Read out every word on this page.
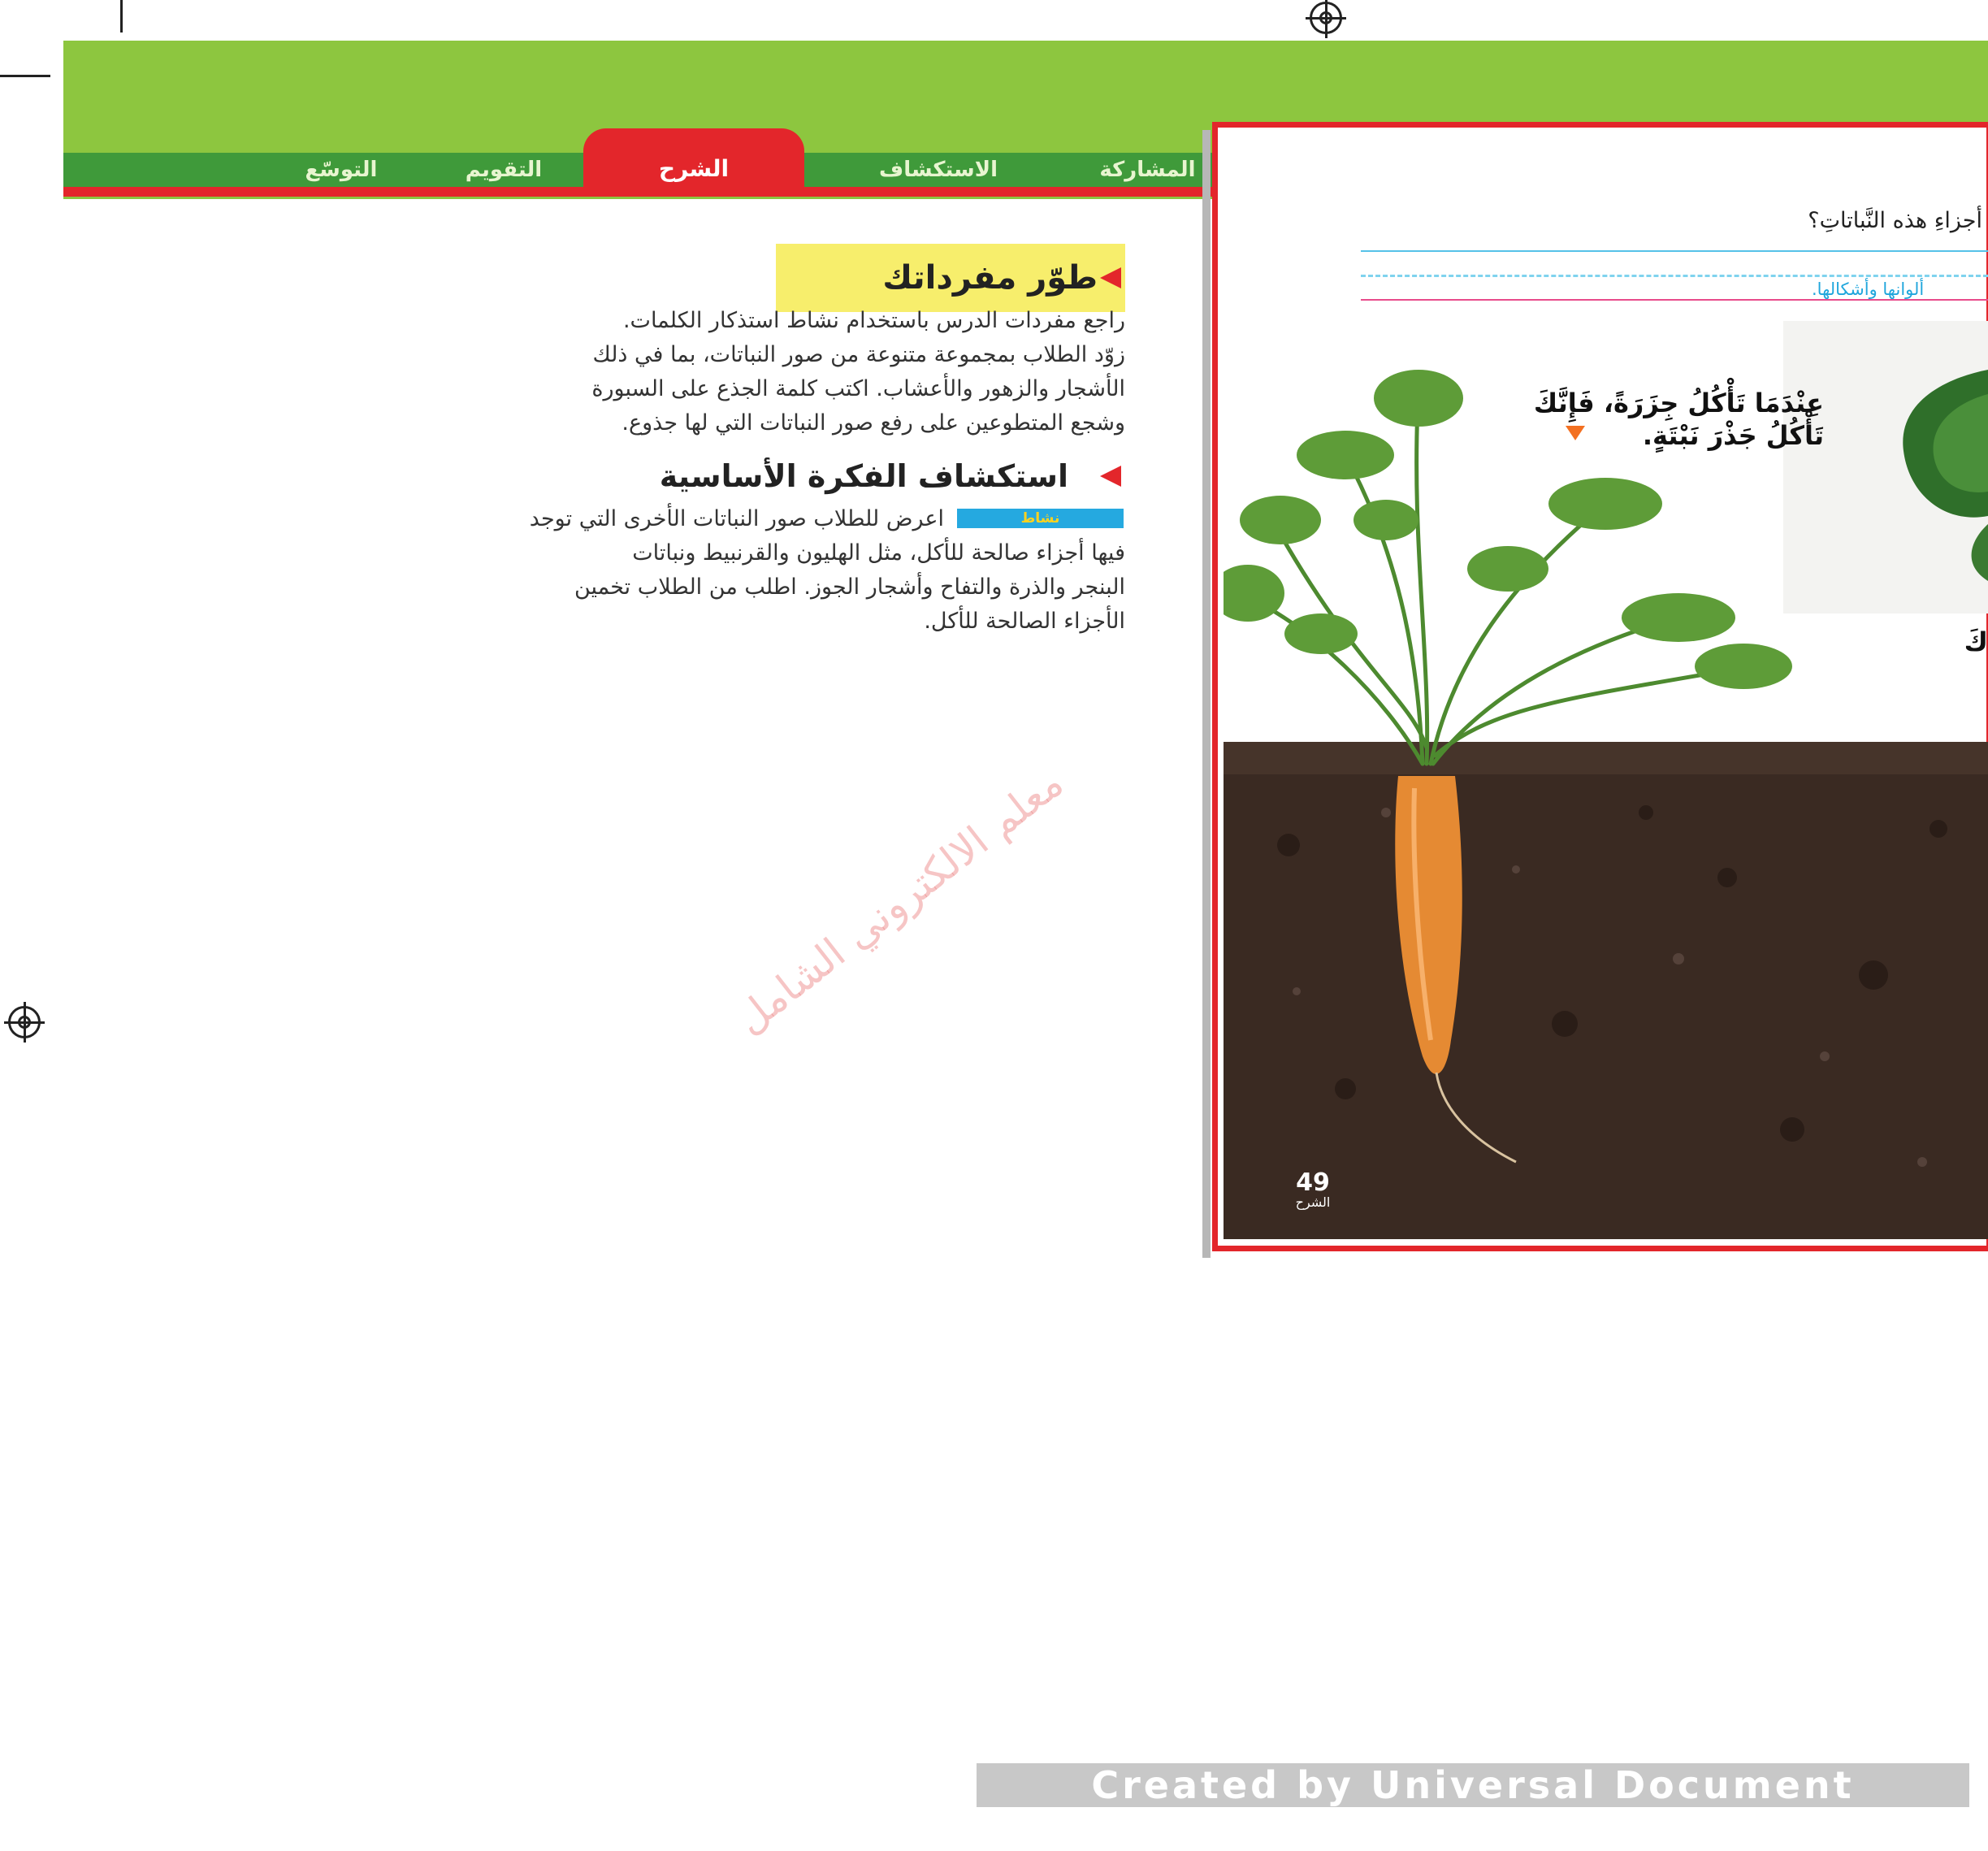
المشاركة
الاستكشاف
الشرح
التقويم
التوسّع
طوّر مفرداتك
راجع مفردات الدرس باستخدام نشاط استذكار الكلمات.
زوّد الطلاب بمجموعة متنوعة من صور النباتات، بما في ذلك
الأشجار والزهور والأعشاب. اكتب كلمة الجذع على السبورة
وشجع المتطوعين على رفع صور النباتات التي لها جذوع.
استكشاف الفكرة الأساسية
نشاط
اعرض للطلاب صور النباتات الأخرى التي توجد
فيها أجزاء صالحة للأكل، مثل الهليون والقرنبيط ونباتات
البنجر والذرة والتفاح وأشجار الجوز. اطلب من الطلاب تخمين
الأجزاء الصالحة للأكل.
معلم الالكتروني الشامل
أجزاءِ هذه النَّباتاتِ؟
ألوانها وأشكالها.
كَ
عِنْدَمَا تَأْكُلُ جِزَرَةً، فَإِنَّكَ
تَأْكُلُ جَذْرَ نَبْتَةٍ.
49
الشرح
Created by Universal Document Converter
